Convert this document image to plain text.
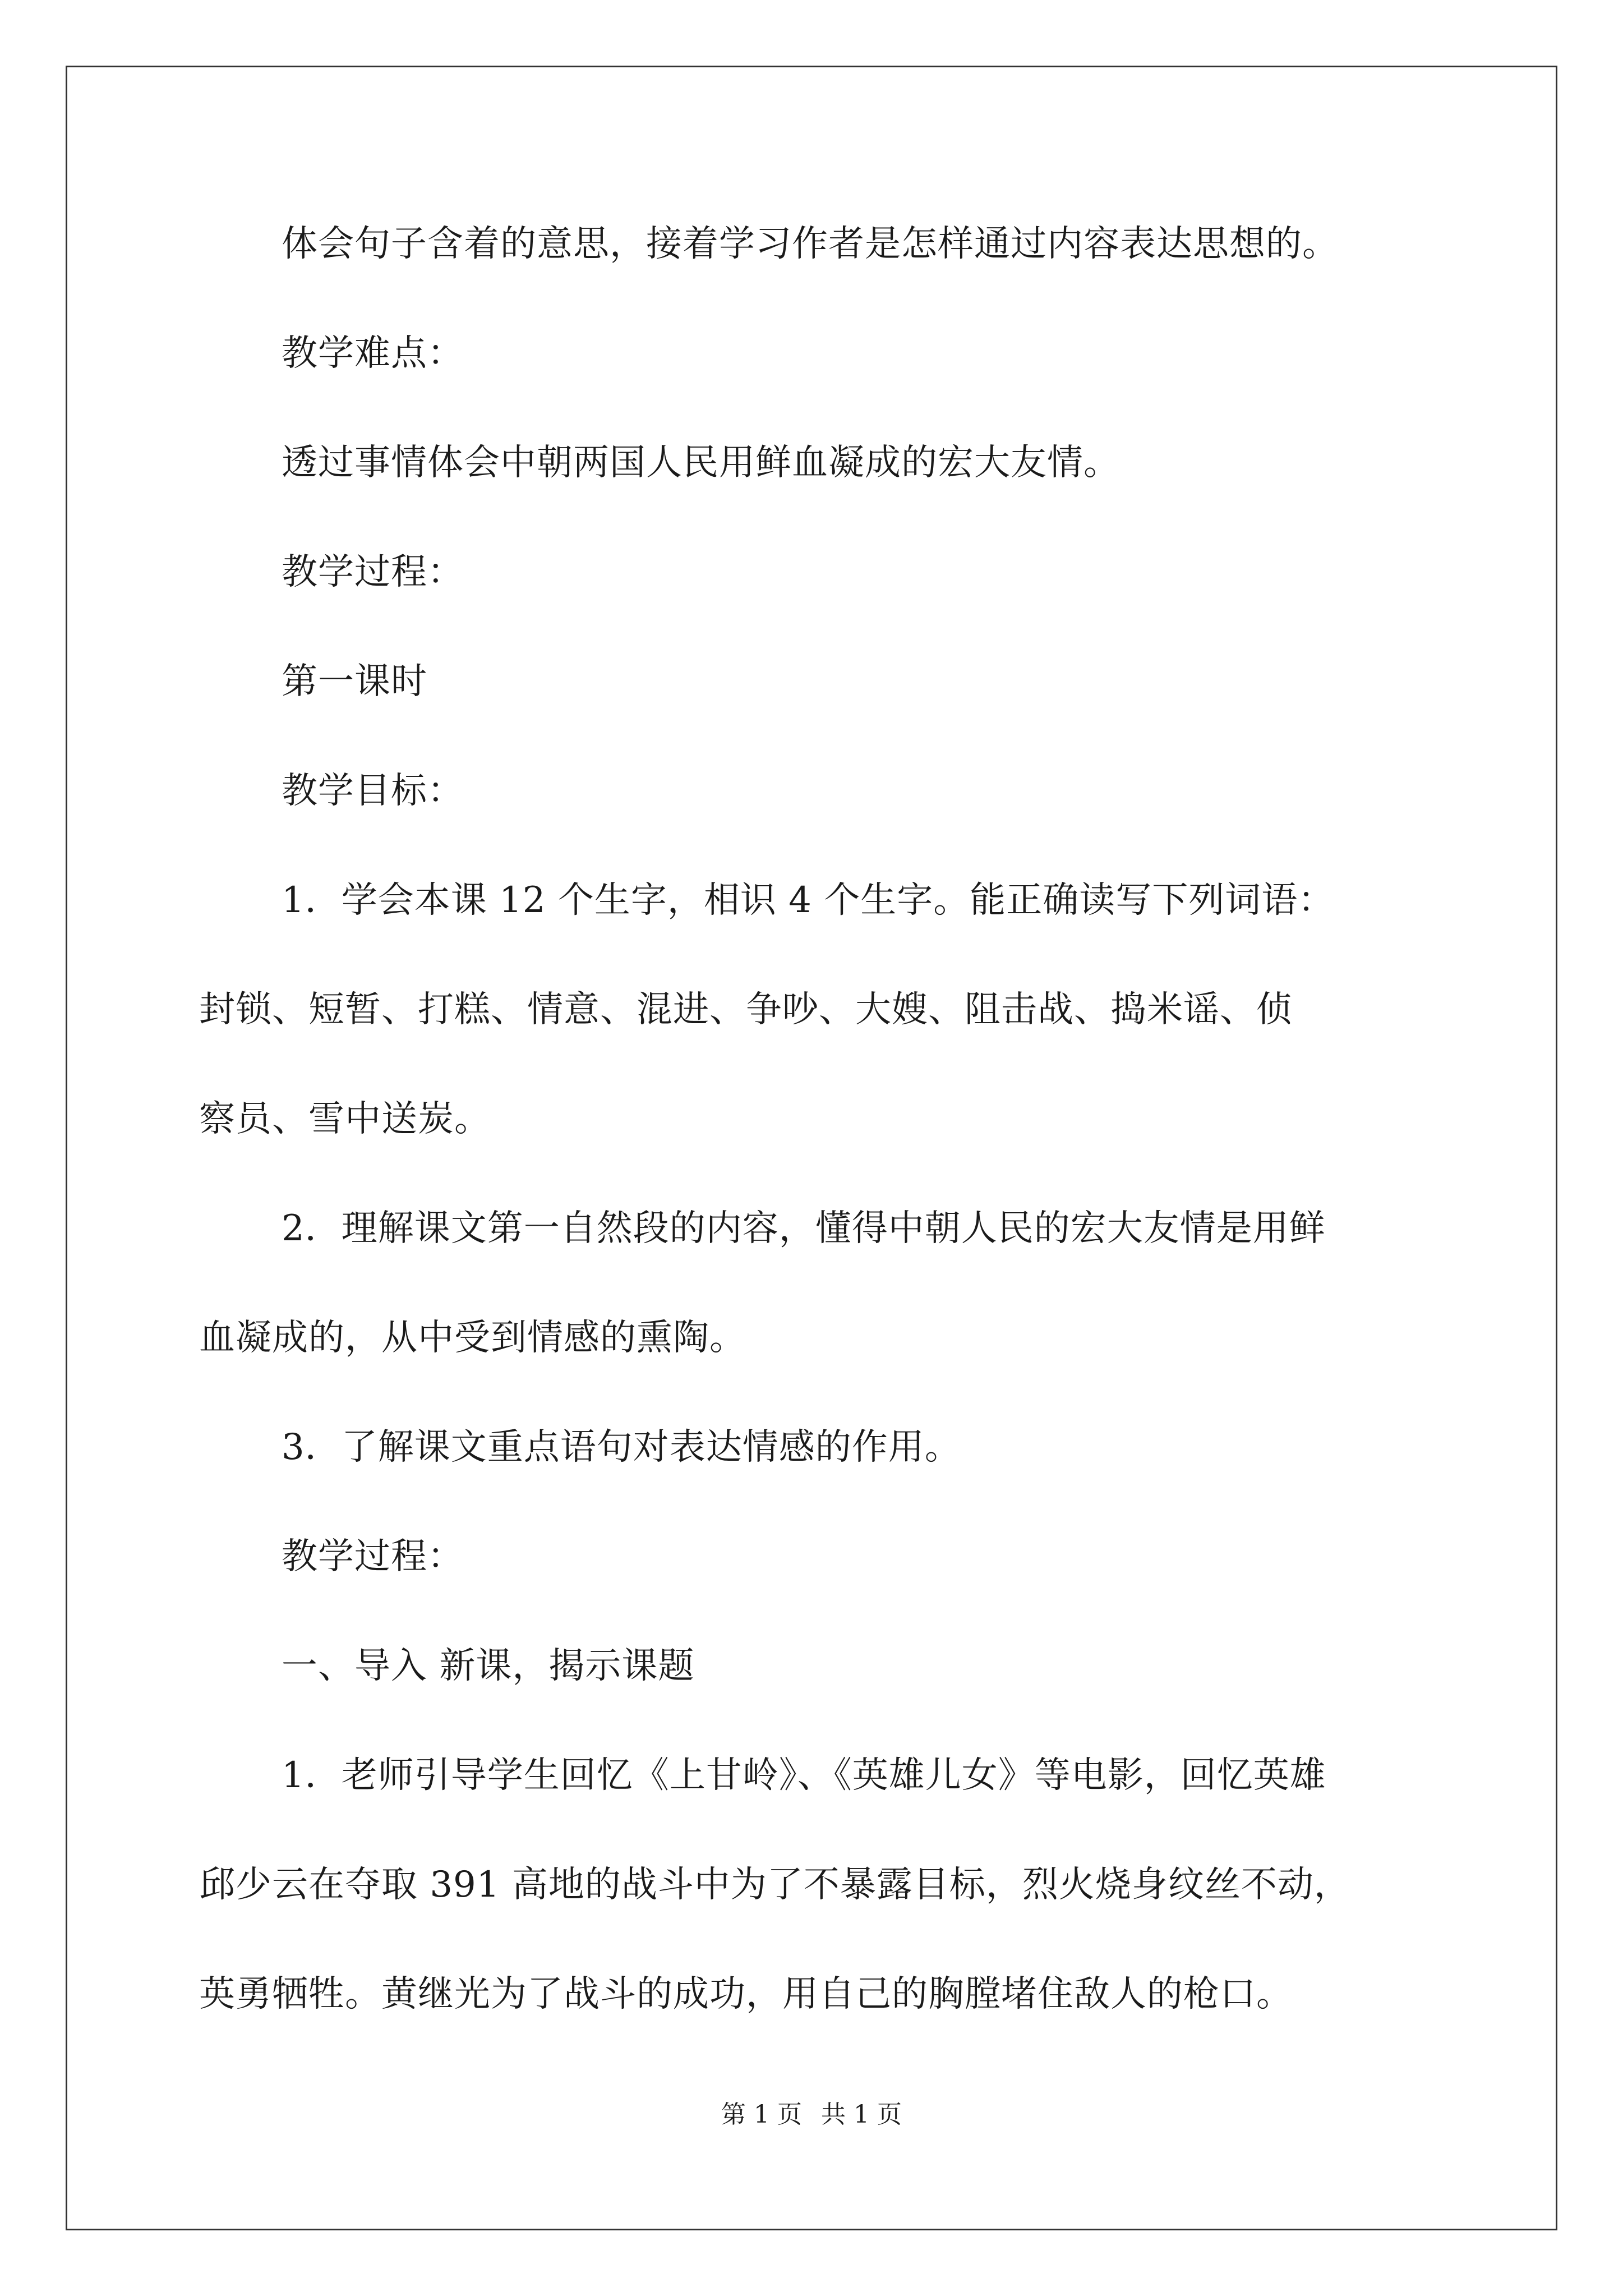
体会句子含着的意思，接着学习作者是怎样通过内容表达思想的。
教学难点：
透过事情体会中朝两国人民用鲜血凝成的宏大友情。
教学过程：
第一课时
教学目标：
1．学会本课 12 个生字，相识 4 个生字。能正确读写下列词语：
封锁、短暂、打糕、情意、混进、争吵、大嫂、阻击战、捣米谣、侦
察员、雪中送炭。
2．理解课文第一自然段的内容，懂得中朝人民的宏大友情是用鲜
血凝成的，从中受到情感的熏陶。
3．了解课文重点语句对表达情感的作用。
教学过程：
一、导入 新课，揭示课题
1．老师引导学生回忆《上甘岭》、《英雄儿女》等电影，回忆英雄
邱少云在夺取 391 高地的战斗中为了不暴露目标，烈火烧身纹丝不动，
英勇牺牲。黄继光为了战斗的成功，用自己的胸膛堵住敌人的枪口。
第 1 页 共 1 页
